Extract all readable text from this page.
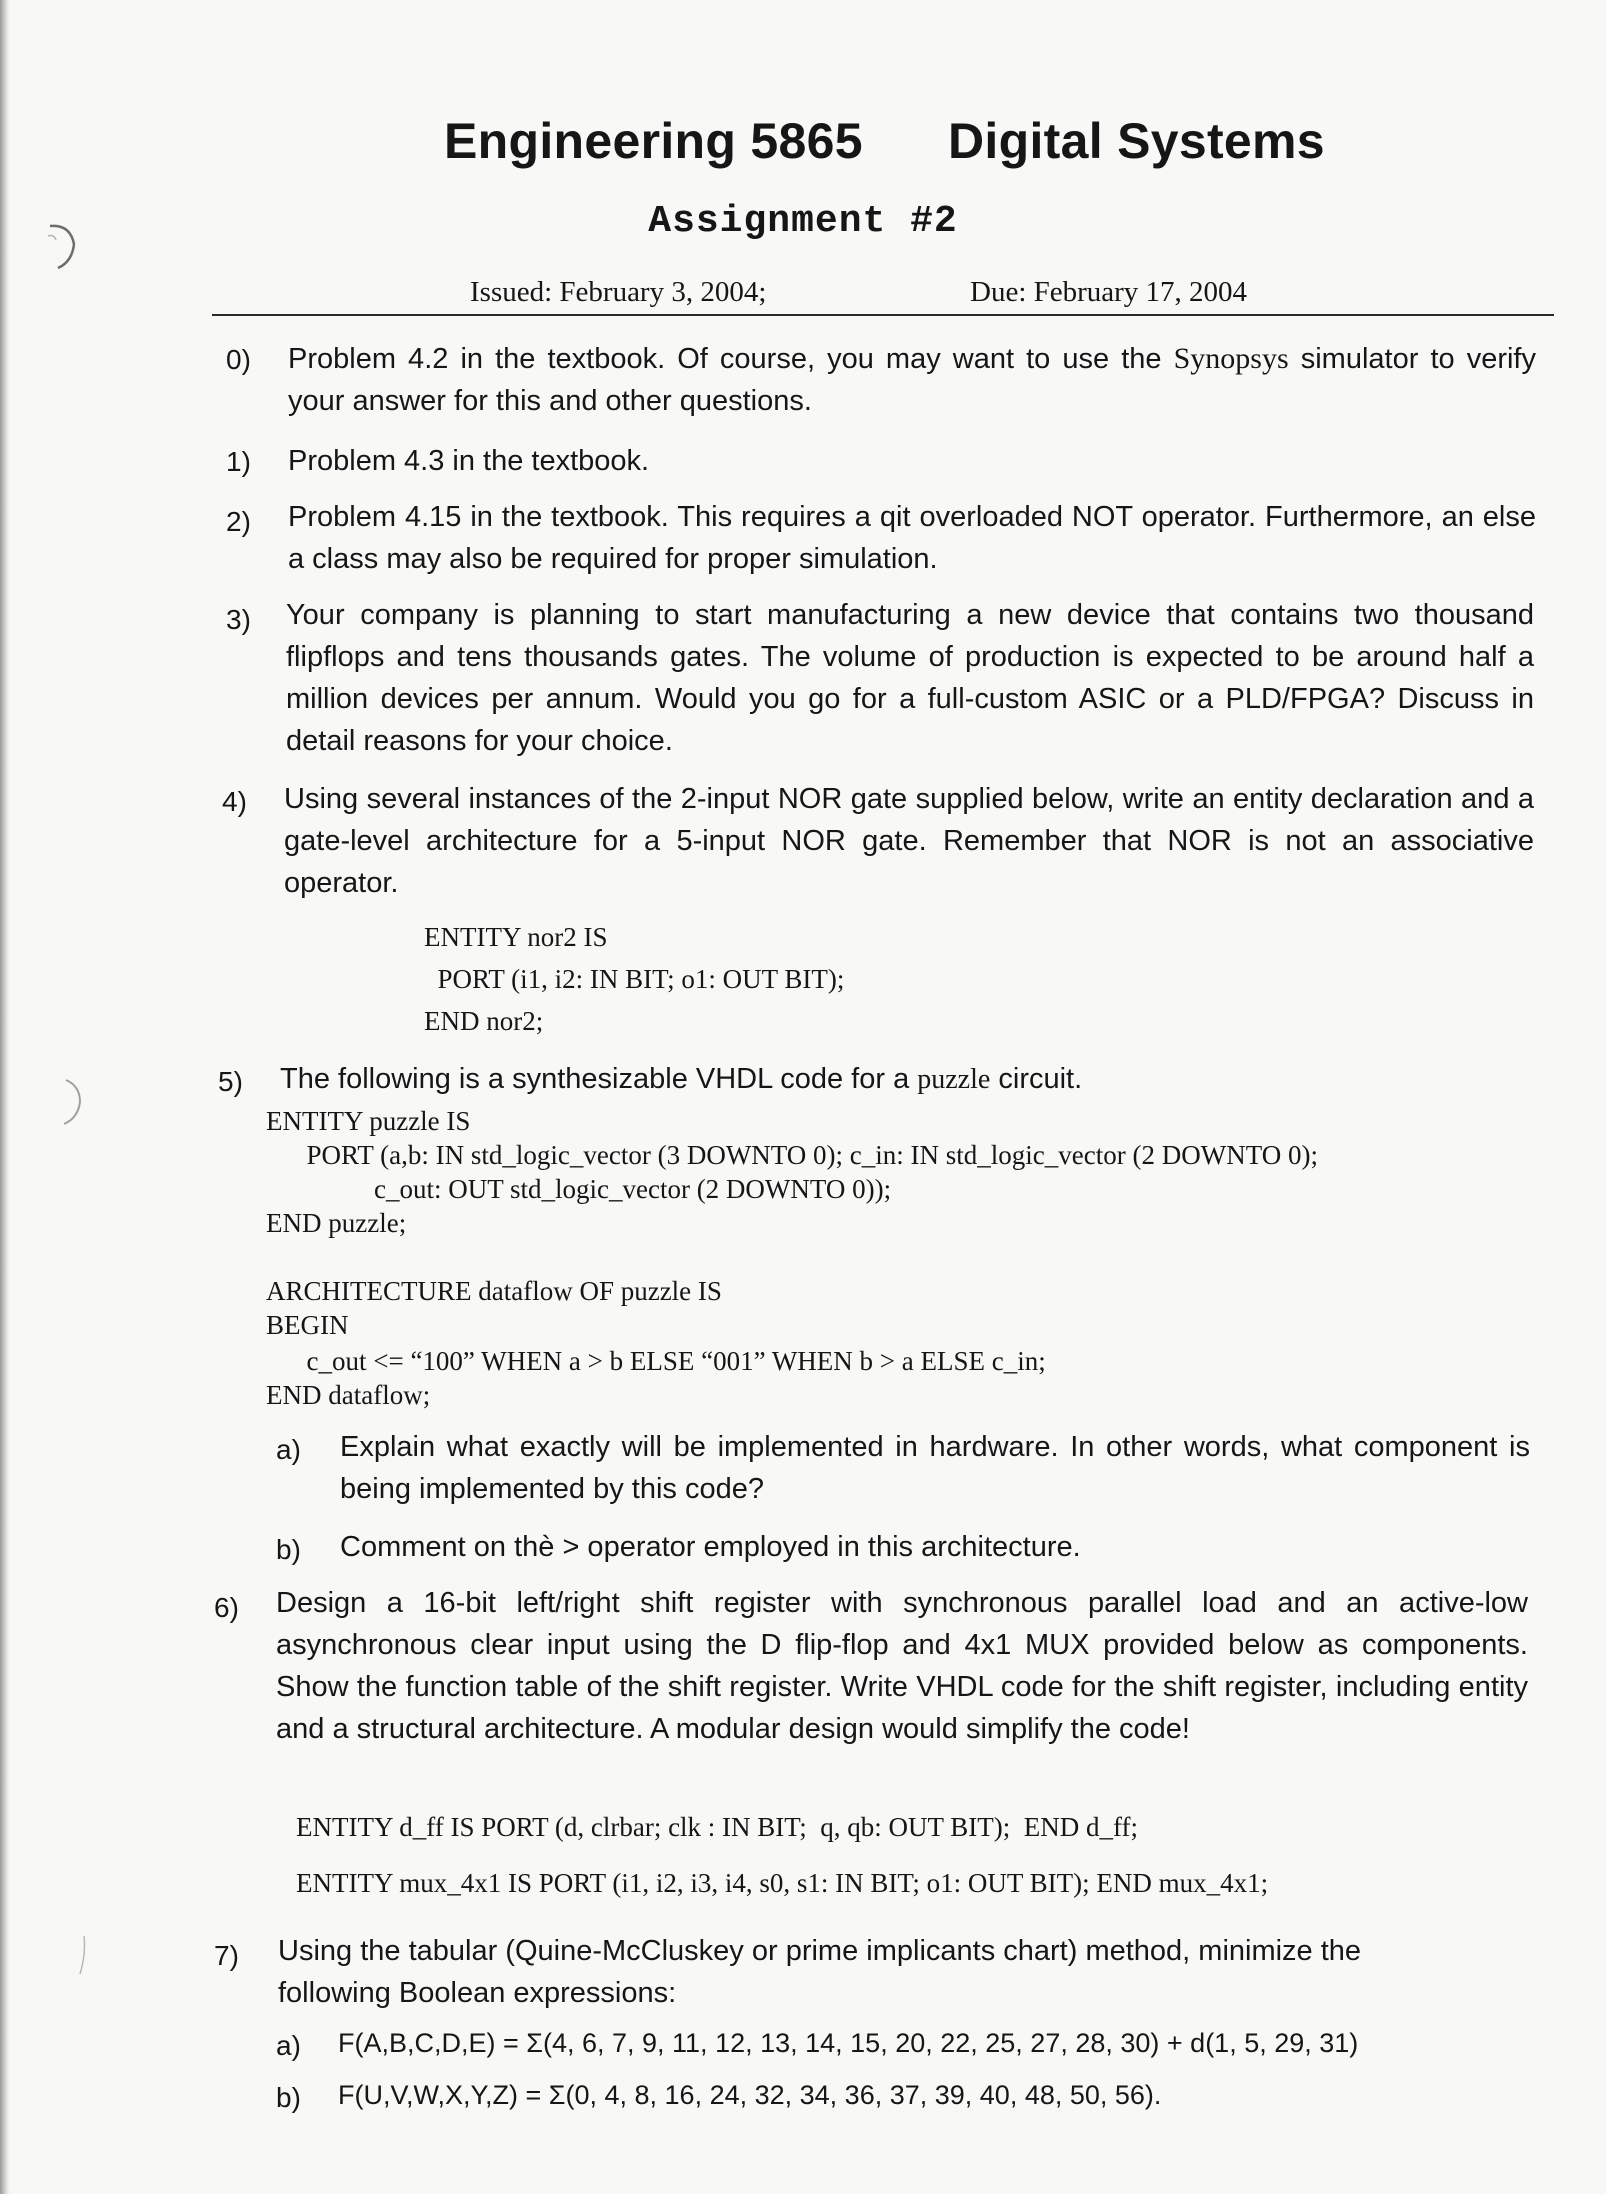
Engineering 5865 Digital Systems
Assignment #2
Issued: February 3, 2004;	Due: February 17, 2004
0) Problem 4.2 in the textbook. Of course, you may want to use the Synopsys simulator to verify your answer for this and other questions.
1) Problem 4.3 in the textbook.
2) Problem 4.15 in the textbook. This requires a qit overloaded NOT operator. Furthermore, an else a class may also be required for proper simulation.
3) Your company is planning to start manufacturing a new device that contains two thousand flipflops and tens thousands gates. The volume of production is expected to be around half a million devices per annum. Would you go for a full-custom ASIC or a PLD/FPGA? Discuss in detail reasons for your choice.
4) Using several instances of the 2-input NOR gate supplied below, write an entity declaration and a gate-level architecture for a 5-input NOR gate. Remember that NOR is not an associative operator.
ENTITY nor2 IS
PORT (i1, i2: IN BIT; o1: OUT BIT);
END nor2;
5) The following is a synthesizable VHDL code for a puzzle circuit.
ENTITY puzzle IS
PORT (a,b: IN std_logic_vector (3 DOWNTO 0); c_in: IN std_logic_vector (2 DOWNTO 0);
c_out: OUT std_logic_vector (2 DOWNTO 0));
END puzzle;
ARCHITECTURE dataflow OF puzzle IS
BEGIN
c_out <= “100” WHEN a > b ELSE “001” WHEN b > a ELSE c_in;
END dataflow;
a) Explain what exactly will be implemented in hardware. In other words, what component is being implemented by this code?
b) Comment on thè > operator employed in this architecture.
6) Design a 16-bit left/right shift register with synchronous parallel load and an active-low asynchronous clear input using the D flip-flop and 4x1 MUX provided below as components. Show the function table of the shift register. Write VHDL code for the shift register, including entity and a structural architecture. A modular design would simplify the code!
ENTITY d_ff IS PORT (d, clrbar; clk : IN BIT;  q, qb: OUT BIT);  END d_ff;
ENTITY mux_4x1 IS PORT (i1, i2, i3, i4, s0, s1: IN BIT; o1: OUT BIT); END mux_4x1;
7) Using the tabular (Quine-McCluskey or prime implicants chart) method, minimize the following Boolean expressions:
a) F(A,B,C,D,E) = Σ(4, 6, 7, 9, 11, 12, 13, 14, 15, 20, 22, 25, 27, 28, 30) + d(1, 5, 29, 31)
b) F(U,V,W,X,Y,Z) = Σ(0, 4, 8, 16, 24, 32, 34, 36, 37, 39, 40, 48, 50, 56).
